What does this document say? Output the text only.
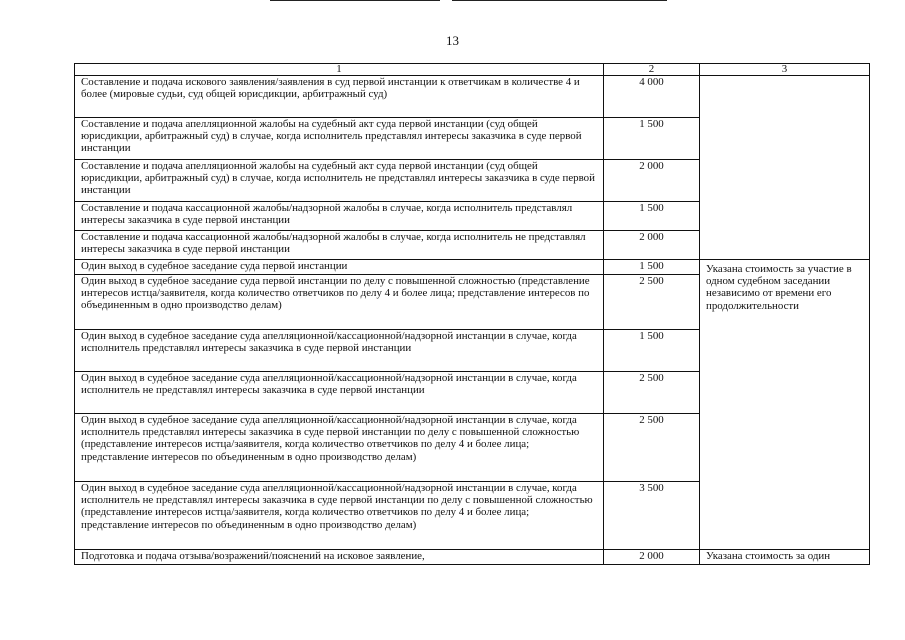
13
1	2	3
Составление и подача искового заявления/заявления в суд первой инстанции к ответчикам в количестве 4 и более (мировые судьи, суд общей юрисдикции, арбитражный суд)	4 000	
Составление и подача апелляционной жалобы на судебный акт суда первой инстанции (суд общей юрисдикции, арбитражный суд) в случае, когда исполнитель представлял интересы заказчика в суде первой инстанции	1 500	
Составление и подача апелляционной жалобы на судебный акт суда первой инстанции (суд общей юрисдикции, арбитражный суд) в случае, когда исполнитель не представлял интересы заказчика в суде первой инстанции	2 000	
Составление и подача кассационной жалобы/надзорной жалобы в случае, когда исполнитель представлял интересы заказчика в суде первой инстанции	1 500	
Составление и подача кассационной жалобы/надзорной жалобы в случае, когда исполнитель не представлял интересы заказчика в суде первой инстанции	2 000	
Один выход в судебное заседание суда первой инстанции	1 500	Указана стоимость за участие в одном судебном заседании независимо от времени его продолжительности

Один выход в судебное заседание суда первой инстанции по делу с повышенной сложностью (представление интересов истца/заявителя, когда количество ответчиков по делу 4 и более лица; представление интересов по объединенным в одно производство делам)	2 500	
Один выход в судебное заседание суда апелляционной/кассационной/надзорной инстанции в случае, когда исполнитель представлял интересы заказчика в суде первой инстанции	1 500	
Один выход в судебное заседание суда апелляционной/кассационной/надзорной инстанции в случае, когда исполнитель не представлял интересы заказчика в суде первой инстанции	2 500	
Один выход в судебное заседание суда апелляционной/кассационной/надзорной инстанции в случае, когда исполнитель представлял интересы заказчика в суде первой инстанции по делу с повышенной сложностью (представление интересов истца/заявителя, когда количество ответчиков по делу 4 и более лица; представление интересов по объединенным в одно производство делам)	2 500	
Один выход в судебное заседание суда апелляционной/кассационной/надзорной инстанции в случае, когда исполнитель не представлял интересы заказчика в суде первой инстанции по делу с повышенной сложностью (представление интересов истца/заявителя, когда количество ответчиков по делу 4 и более лица; представление интересов по объединенным в одно производство делам)	3 500	
Подготовка и подача отзыва/возражений/пояснений на исковое заявление,	2 000	Указана стоимость за один
